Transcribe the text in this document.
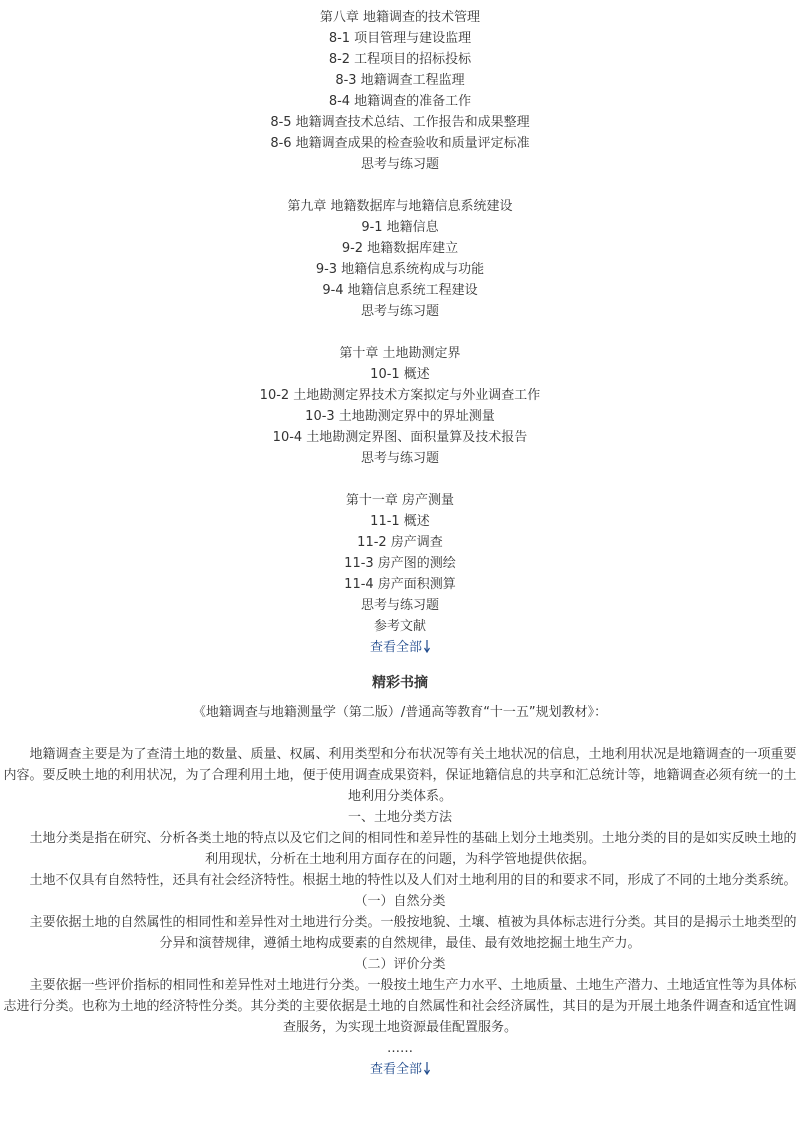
第八章 地籍调查的技术管理
8-1 项目管理与建设监理
8-2 工程项目的招标投标
8-3 地籍调查工程监理
8-4 地籍调查的准备工作
8-5 地籍调查技术总结、工作报告和成果整理
8-6 地籍调查成果的检查验收和质量评定标准
思考与练习题
第九章 地籍数据库与地籍信息系统建设
9-1 地籍信息
9-2 地籍数据库建立
9-3 地籍信息系统构成与功能
9-4 地籍信息系统工程建设
思考与练习题
第十章 土地勘测定界
10-1 概述
10-2 土地勘测定界技术方案拟定与外业调查工作
10-3 土地勘测定界中的界址测量
10-4 土地勘测定界图、面积量算及技术报告
思考与练习题
第十一章 房产测量
11-1 概述
11-2 房产调查
11-3 房产图的测绘
11-4 房产面积测算
思考与练习题
参考文献
查看全部
精彩书摘
《地籍调查与地籍测量学（第二版）/普通高等教育“十一五”规划教材》：

地籍调查主要是为了查清土地的数量、质量、权属、利用类型和分布状况等有关土地状况的信息，土地利用状况是地籍调查的一项重要内容。要反映土地的利用状况，为了合理利用土地，便于使用调查成果资料，保证地籍信息的共享和汇总统计等，地籍调查必须有统一的土地利用分类体系。

一、土地分类方法

土地分类是指在研究、分析各类土地的特点以及它们之间的相同性和差异性的基础上划分土地类别。土地分类的目的是如实反映土地的利用现状，分析在土地利用方面存在的问题，为科学管地提供依据。

土地不仅具有自然特性，还具有社会经济特性。根据土地的特性以及人们对土地利用的目的和要求不同，形成了不同的土地分类系统。

（一）自然分类

主要依据土地的自然属性的相同性和差异性对土地进行分类。一般按地貌、土壤、植被为具体标志进行分类。其目的是揭示土地类型的分异和演替规律，遵循土地构成要素的自然规律，最佳、最有效地挖掘土地生产力。

（二）评价分类

主要依据一些评价指标的相同性和差异性对土地进行分类。一般按土地生产力水平、土地质量、土地生产潜力、土地适宜性等为具体标志进行分类。也称为土地的经济特性分类。其分类的主要依据是土地的自然属性和社会经济属性，其目的是为开展土地条件调查和适宜性调查服务，为实现土地资源最佳配置服务。

……

查看全部
